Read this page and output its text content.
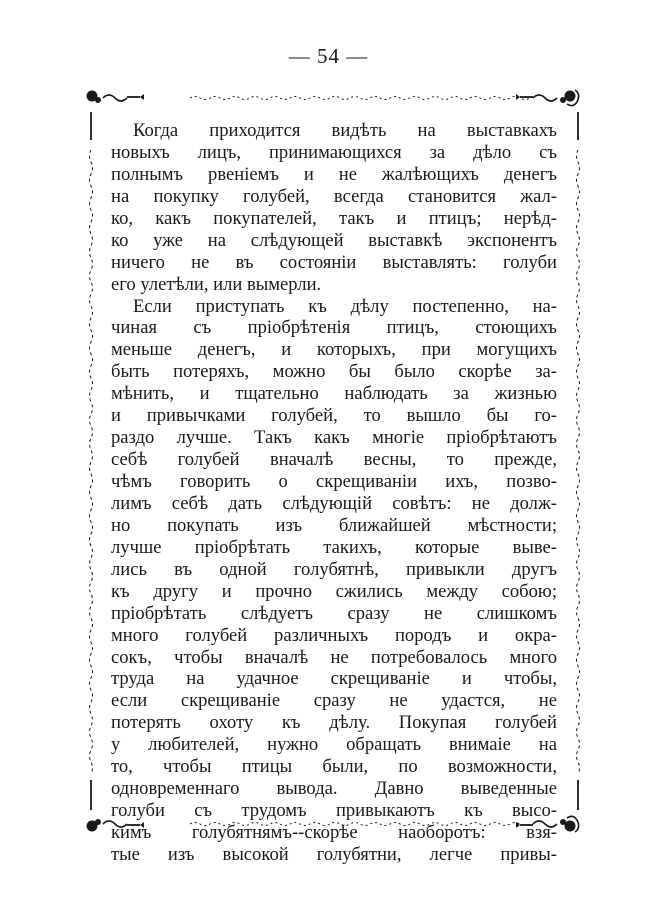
— 54 —
Когда приходится видѣть на выставкахъ
новыхъ лицъ, принимающихся за дѣло съ
полнымъ рвеніемъ и не жалѣющихъ денегъ
на покупку голубей, всегда становится жал-
ко, какъ покупателей, такъ и птицъ; нерѣд-
ко уже на слѣдующей выставкѣ экспонентъ
ничего не въ состояніи выставлять: голуби
его улетѣли, или вымерли.
Если приступать къ дѣлу постепенно, на-
чиная съ пріобрѣтенія птицъ, стоющихъ
меньше денегъ, и которыхъ, при могущихъ
быть потеряхъ, можно бы было скорѣе за-
мѣнить, и тщательно наблюдать за жизнью
и привычками голубей, то вышло бы го-
раздо лучше. Такъ какъ многіе пріобрѣтаютъ
себѣ голубей вначалѣ весны, то прежде,
чѣмъ говорить о скрещиваніи ихъ, позво-
лимъ себѣ дать слѣдующій совѣтъ: не долж-
но покупать изъ ближайшей мѣстности;
лучше пріобрѣтать такихъ, которые выве-
лись въ одной голубятнѣ, привыкли другъ
къ другу и прочно сжились между собою;
пріобрѣтать слѣдуетъ сразу не слишкомъ
много голубей различныхъ породъ и окра-
сокъ, чтобы вначалѣ не потребовалось много
труда на удачное скрещиваніе и чтобы,
если скрещиваніе сразу не удастся, не
потерять охоту къ дѣлу. Покупая голубей
у любителей, нужно обращать внимаіе на
то, чтобы птицы были, по возможности,
одновременнаго вывода. Давно выведенные
голуби съ трудомъ привыкаютъ къ высо-
кимъ голубятнямъ--скорѣе наоборотъ: взя-
тые изъ высокой голубятни, легче привы-
